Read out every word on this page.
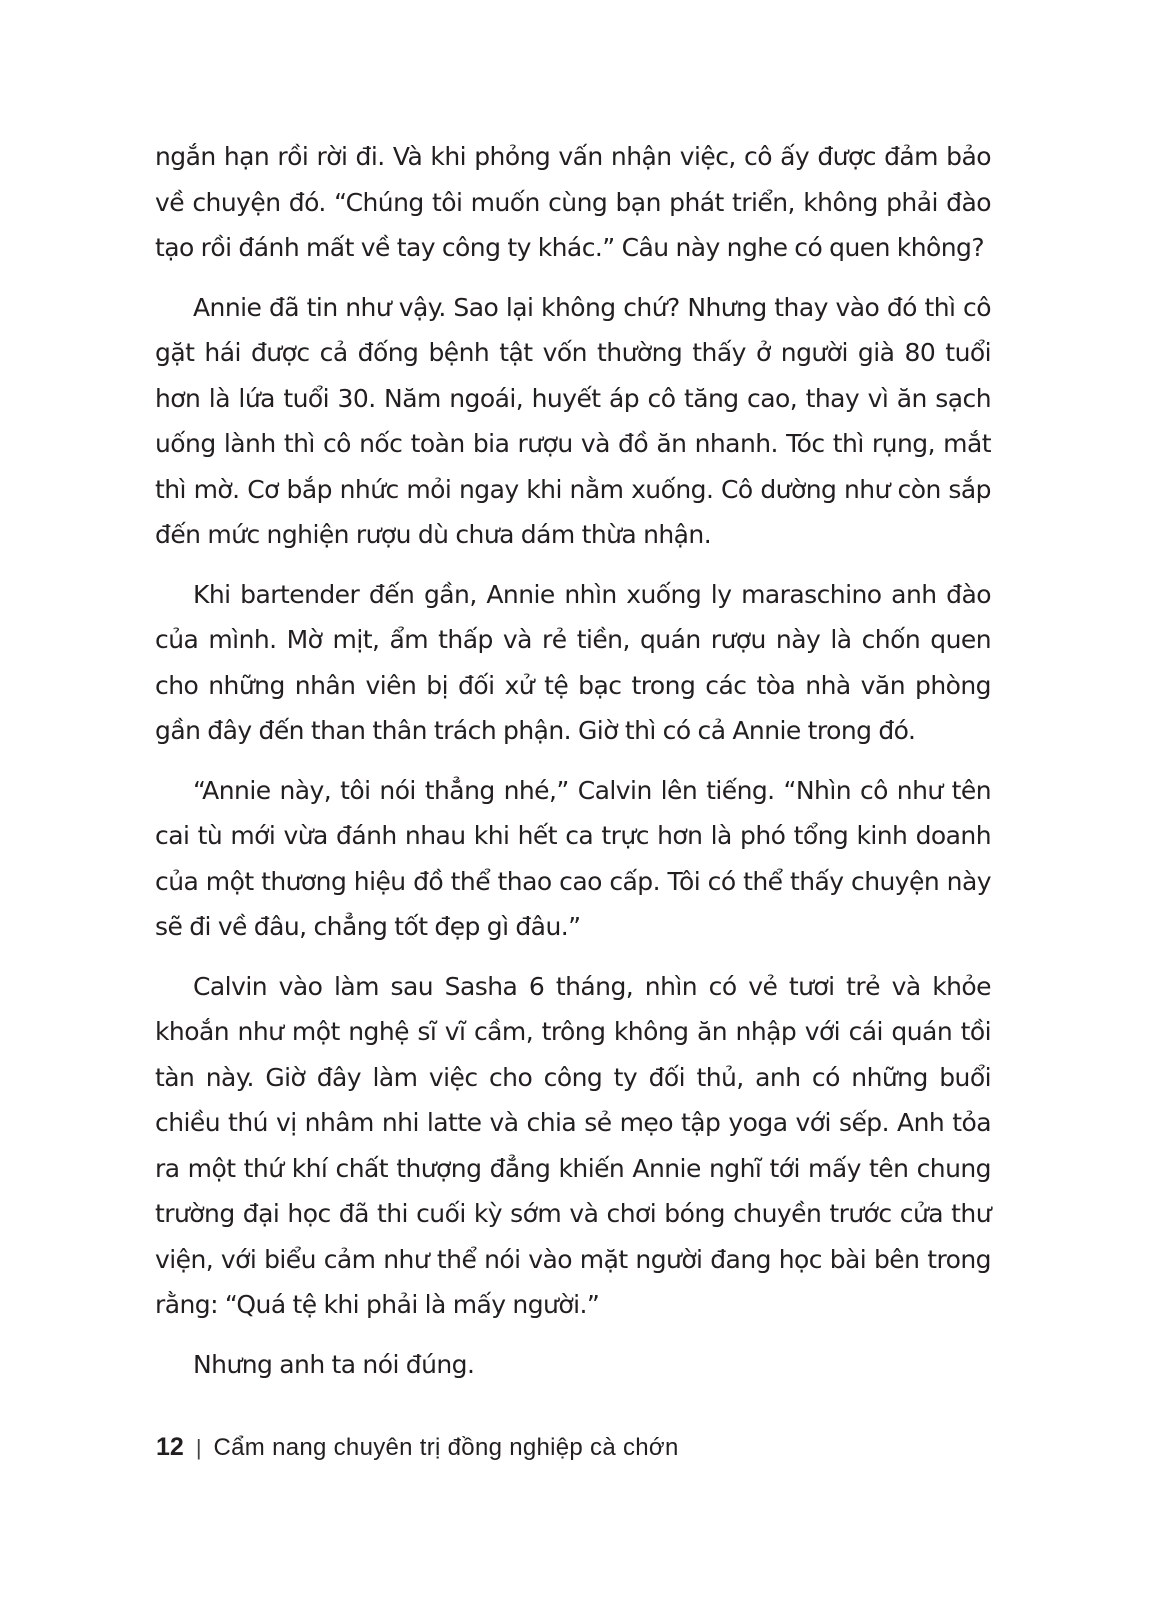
ngắn hạn rồi rời đi. Và khi phỏng vấn nhận việc, cô ấy được đảm bảo về chuyện đó. “Chúng tôi muốn cùng bạn phát triển, không phải đào tạo rồi đánh mất về tay công ty khác.” Câu này nghe có quen không?

Annie đã tin như vậy. Sao lại không chứ? Nhưng thay vào đó thì cô gặt hái được cả đống bệnh tật vốn thường thấy ở người già 80 tuổi hơn là lứa tuổi 30. Năm ngoái, huyết áp cô tăng cao, thay vì ăn sạch uống lành thì cô nốc toàn bia rượu và đồ ăn nhanh. Tóc thì rụng, mắt thì mờ. Cơ bắp nhức mỏi ngay khi nằm xuống. Cô dường như còn sắp đến mức nghiện rượu dù chưa dám thừa nhận.

Khi bartender đến gần, Annie nhìn xuống ly maraschino anh đào của mình. Mờ mịt, ẩm thấp và rẻ tiền, quán rượu này là chốn quen cho những nhân viên bị đối xử tệ bạc trong các tòa nhà văn phòng gần đây đến than thân trách phận. Giờ thì có cả Annie trong đó.

“Annie này, tôi nói thẳng nhé,” Calvin lên tiếng. “Nhìn cô như tên cai tù mới vừa đánh nhau khi hết ca trực hơn là phó tổng kinh doanh của một thương hiệu đồ thể thao cao cấp. Tôi có thể thấy chuyện này sẽ đi về đâu, chẳng tốt đẹp gì đâu.”

Calvin vào làm sau Sasha 6 tháng, nhìn có vẻ tươi trẻ và khỏe khoắn như một nghệ sĩ vĩ cầm, trông không ăn nhập với cái quán tồi tàn này. Giờ đây làm việc cho công ty đối thủ, anh có những buổi chiều thú vị nhâm nhi latte và chia sẻ mẹo tập yoga với sếp. Anh tỏa ra một thứ khí chất thượng đẳng khiến Annie nghĩ tới mấy tên chung trường đại học đã thi cuối kỳ sớm và chơi bóng chuyền trước cửa thư viện, với biểu cảm như thể nói vào mặt người đang học bài bên trong rằng: “Quá tệ khi phải là mấy người.”

Nhưng anh ta nói đúng.

12 | Cẩm nang chuyên trị đồng nghiệp cà chớn
